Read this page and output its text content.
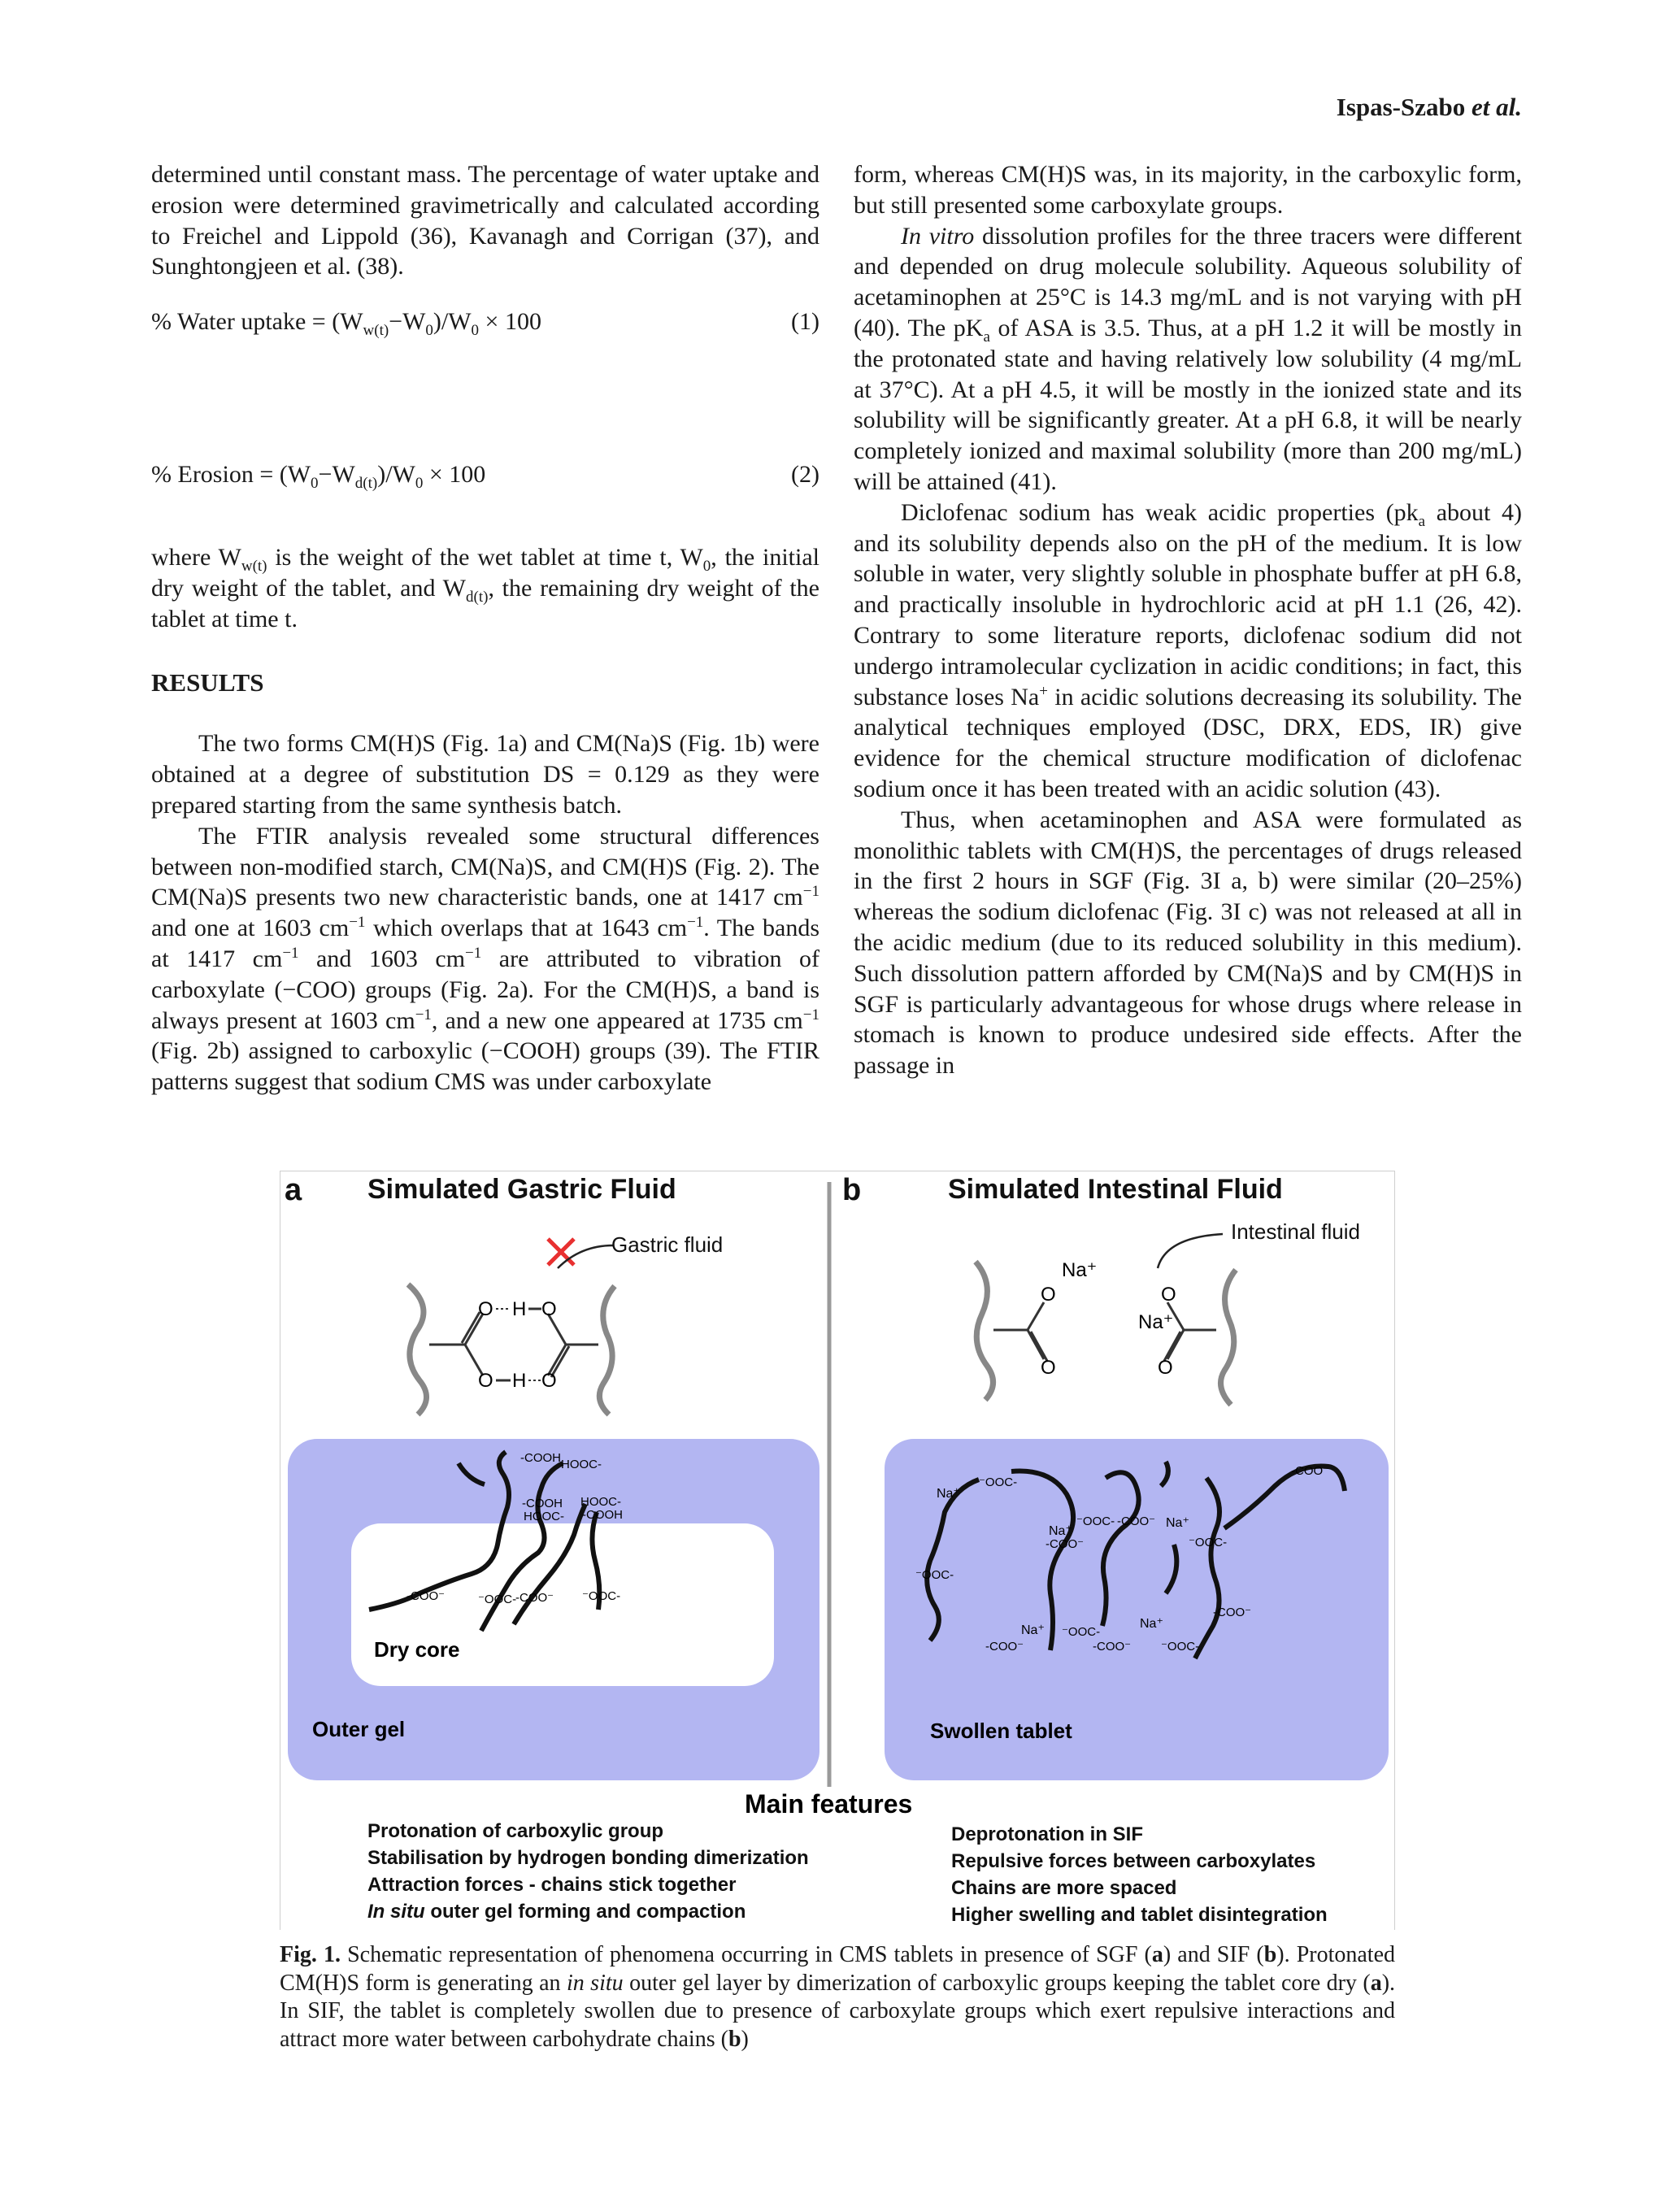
Ispas-Szabo et al.

determined until constant mass. The percentage of water uptake and erosion were determined gravimetrically and calculated according to Freichel and Lippold (36), Kavanagh and Corrigan (37), and Sunghtongjeen et al. (38).

% Water uptake = $(W_{w(t)}-W_0)/W_0 \times 100$	(1)
% Erosion = $(W_0-W_{d(t)})/W_0 \times 100$	(2)

where $W_{w(t)}$ is the weight of the wet tablet at time t, $W_0$, the initial dry weight of the tablet, and $W_{d(t)}$, the remaining dry weight of the tablet at time t.

RESULTS

The two forms CM(H)S (Fig. 1a) and CM(Na)S (Fig. 1b) were obtained at a degree of substitution DS = 0.129 as they were prepared starting from the same synthesis batch.

The FTIR analysis revealed some structural differences between non-modified starch, CM(Na)S, and CM(H)S (Fig. 2). The CM(Na)S presents two new characteristic bands, one at 1417 $cm^{-1}$ and one at 1603 $cm^{-1}$ which overlaps that at 1643 $cm^{-1}$. The bands at 1417 $cm^{-1}$ and 1603 $cm^{-1}$ are attributed to vibration of carboxylate (−COO) groups (Fig. 2a). For the CM(H)S, a band is always present at 1603 $cm^{-1}$, and a new one appeared at 1735 $cm^{-1}$ (Fig. 2b) assigned to carboxylic (−COOH) groups (39). The FTIR patterns suggest that sodium CMS was under carboxylate

form, whereas CM(H)S was, in its majority, in the carboxylic form, but still presented some carboxylate groups.

In vitro dissolution profiles for the three tracers were different and depended on drug molecule solubility. Aqueous solubility of acetaminophen at 25°C is 14.3 mg/mL and is not varying with pH (40). The $pK_a$ of ASA is 3.5. Thus, at a pH 1.2 it will be mostly in the protonated state and having relatively low solubility (4 mg/mL at 37°C). At a pH 4.5, it will be mostly in the ionized state and its solubility will be significantly greater. At a pH 6.8, it will be nearly completely ionized and maximal solubility (more than 200 mg/mL) will be attained (41).

Diclofenac sodium has weak acidic properties ($pk_a$ about 4) and its solubility depends also on the pH of the medium. It is low soluble in water, very slightly soluble in phosphate buffer at pH 6.8, and practically insoluble in hydrochloric acid at pH 1.1 (26, 42). Contrary to some literature reports, diclofenac sodium did not undergo intramolecular cyclization in acidic conditions; in fact, this substance loses Na+ in acidic solutions decreasing its solubility. The analytical techniques employed (DSC, DRX, EDS, IR) give evidence for the chemical structure modification of diclofenac sodium once it has been treated with an acidic solution (43).

Thus, when acetaminophen and ASA were formulated as monolithic tablets with CM(H)S, the percentages of drugs released in the first 2 hours in SGF (Fig. 3I a, b) were similar (20–25%) whereas the sodium diclofenac (Fig. 3I c) was not released at all in the acidic medium (due to its reduced solubility in this medium). Such dissolution pattern afforded by CM(Na)S and by CM(H)S in SGF is particularly advantageous for whose drugs where release in stomach is known to produce undesired side effects. After the passage in

a Simulated Gastric Fluid	b	Simulated Intestinal Fluid
O H O
O H O
Gastric fluid
-COOH HOOC-
-COOH
HOOC-
HOOC-
-COOH
-COO⁻	⁻OOC-
-COO⁻ ⁻OOC-
Dry core
Outer gel
O
O
O
O
Na⁺
Na⁺
Intestinal fluid
Na⁺
⁻OOC-
⁻OOC-
Na⁺
-COO⁻
-COO⁻ Na⁺
⁻OOC-
-COO⁻
⁻OOC-
Na⁺ ⁻OOC-
Na⁺
-COO⁻
-COO⁻	-COO⁻ ⁻OOC-
Swollen tablet
Main features
Protonation of carboxylic group
Stabilisation by hydrogen bonding dimerization
Attraction forces - chains stick together
In situ outer gel forming and compaction
Deprotonation in SIF
Repulsive forces between carboxylates
Chains are more spaced
Higher swelling and tablet disintegration
Fig. 1. Schematic representation of phenomena occurring in CMS tablets in presence of SGF (a) and SIF (b). Protonated CM(H)S form is generating an in situ outer gel layer by dimerization of carboxylic groups keeping the tablet core dry (a). In SIF, the tablet is completely swollen due to presence of carboxylate groups which exert repulsive interactions and attract more water between carbohydrate chains (b)
